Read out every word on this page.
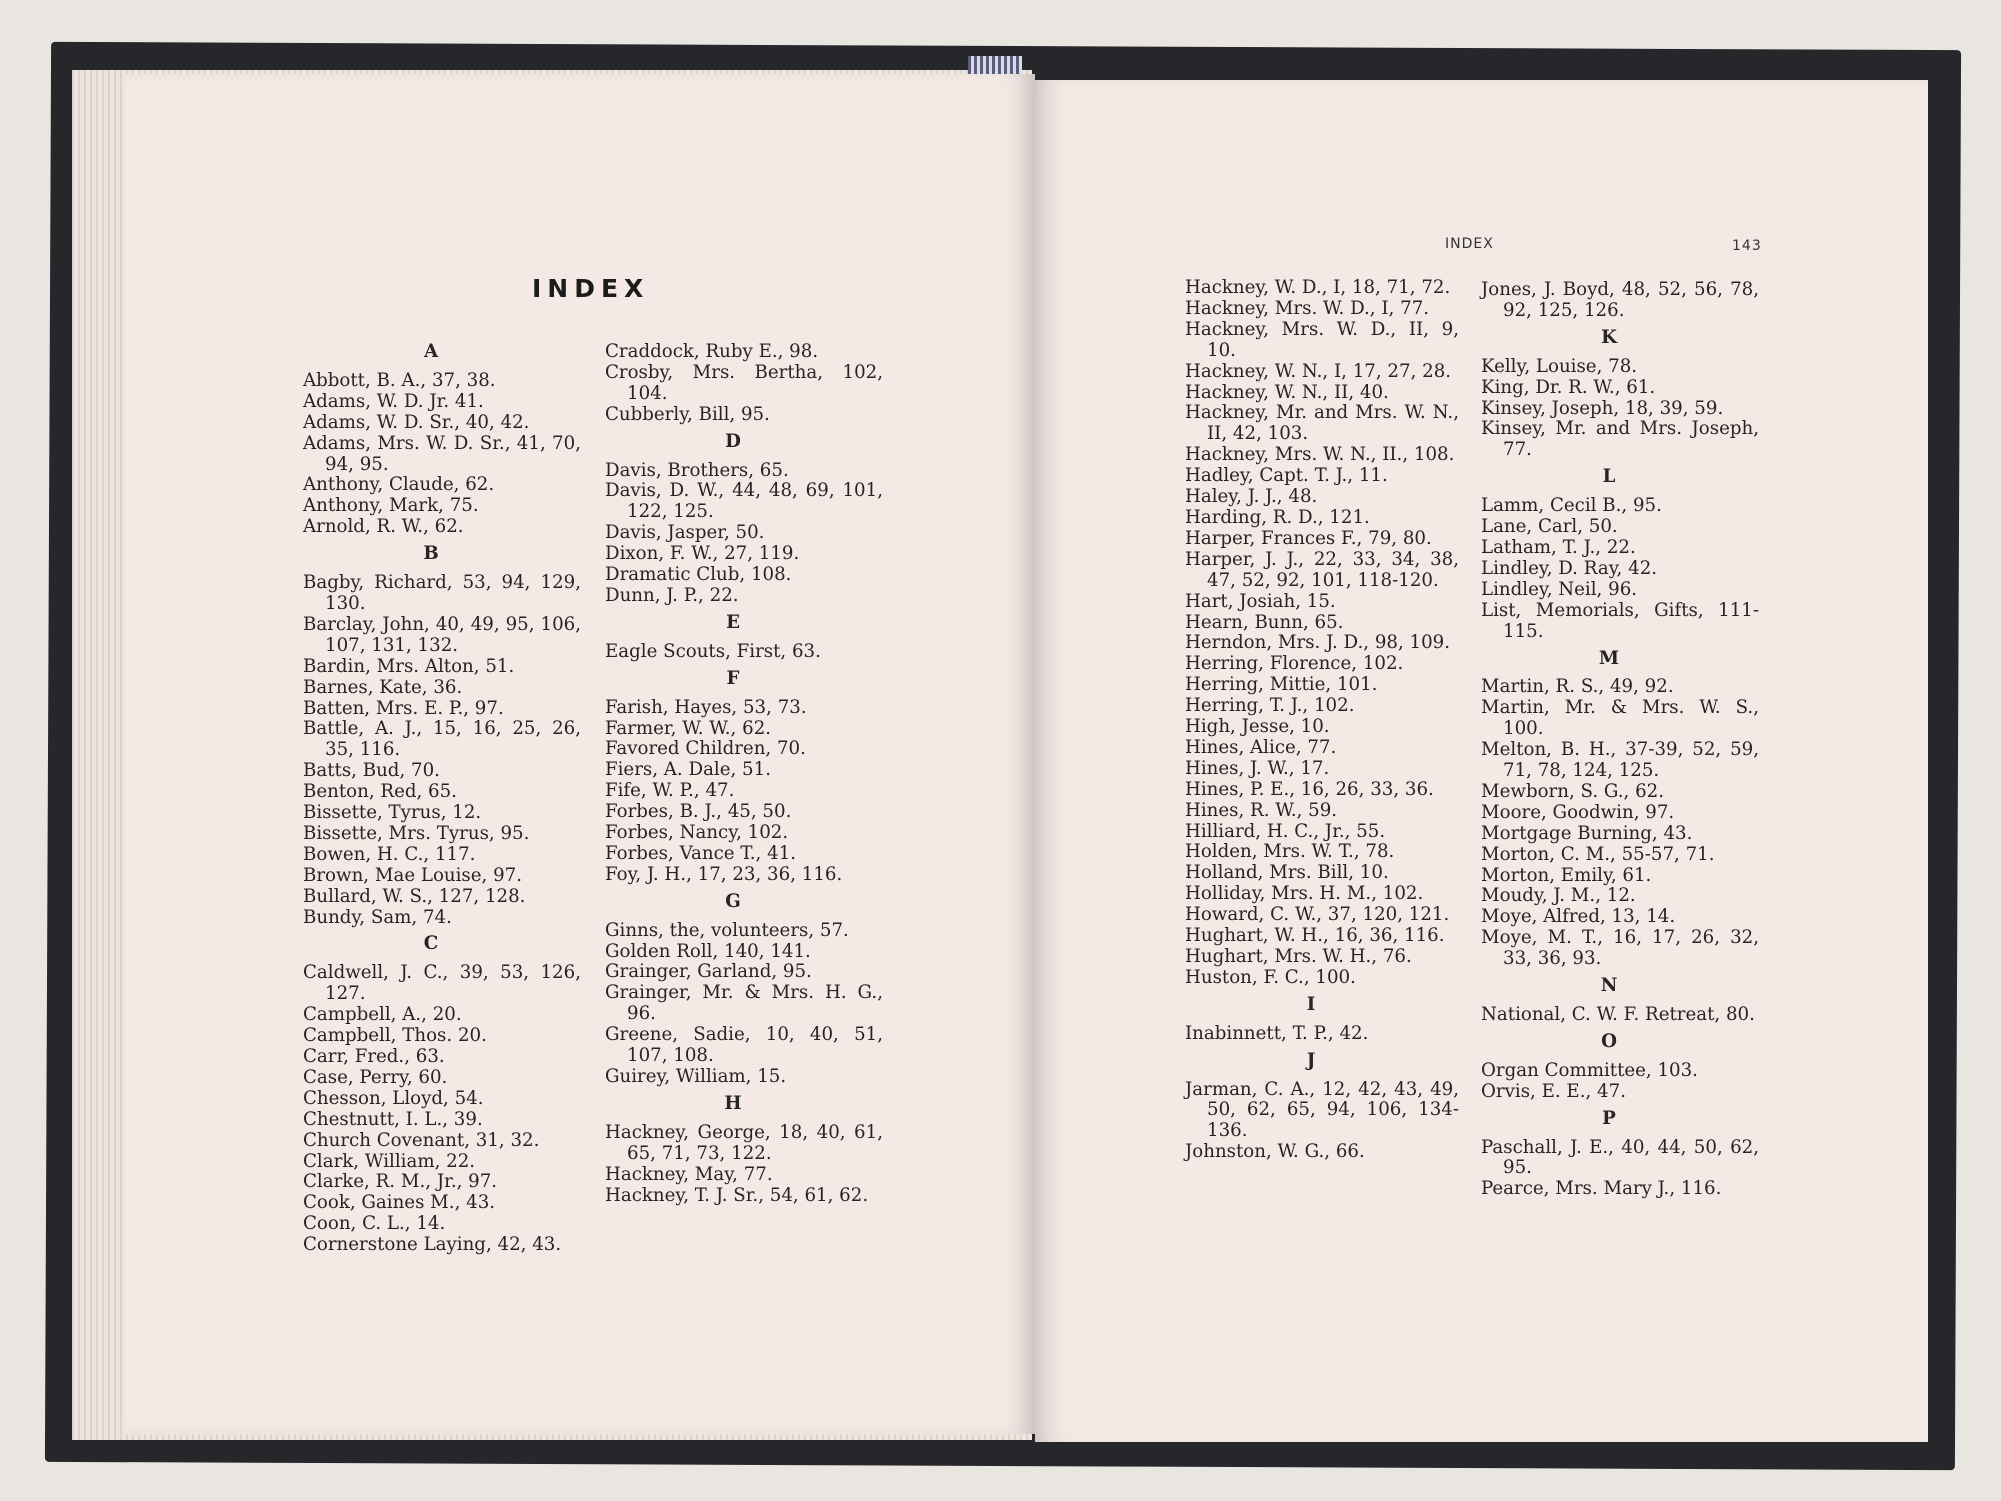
INDEX
INDEX	143
A
Abbott, B. A., 37, 38.
Adams, W. D. Jr. 41.
Adams, W. D. Sr., 40, 42.
Adams, Mrs. W. D. Sr., 41, 70, 94, 95.
Anthony, Claude, 62.
Anthony, Mark, 75.
Arnold, R. W., 62.
B
Bagby, Richard, 53, 94, 129, 130.
Barclay, John, 40, 49, 95, 106, 107, 131, 132.
Bardin, Mrs. Alton, 51.
Barnes, Kate, 36.
Batten, Mrs. E. P., 97.
Battle, A. J., 15, 16, 25, 26, 35, 116.
Batts, Bud, 70.
Benton, Red, 65.
Bissette, Tyrus, 12.
Bissette, Mrs. Tyrus, 95.
Bowen, H. C., 117.
Brown, Mae Louise, 97.
Bullard, W. S., 127, 128.
Bundy, Sam, 74.
C
Caldwell, J. C., 39, 53, 126, 127.
Campbell, A., 20.
Campbell, Thos. 20.
Carr, Fred., 63.
Case, Perry, 60.
Chesson, Lloyd, 54.
Chestnutt, I. L., 39.
Church Covenant, 31, 32.
Clark, William, 22.
Clarke, R. M., Jr., 97.
Cook, Gaines M., 43.
Coon, C. L., 14.
Cornerstone Laying, 42, 43.
Craddock, Ruby E., 98.
Crosby, Mrs. Bertha, 102, 104.
Cubberly, Bill, 95.
D
Davis, Brothers, 65.
Davis, D. W., 44, 48, 69, 101, 122, 125.
Davis, Jasper, 50.
Dixon, F. W., 27, 119.
Dramatic Club, 108.
Dunn, J. P., 22.
E
Eagle Scouts, First, 63.
F
Farish, Hayes, 53, 73.
Farmer, W. W., 62.
Favored Children, 70.
Fiers, A. Dale, 51.
Fife, W. P., 47.
Forbes, B. J., 45, 50.
Forbes, Nancy, 102.
Forbes, Vance T., 41.
Foy, J. H., 17, 23, 36, 116.
G
Ginns, the, volunteers, 57.
Golden Roll, 140, 141.
Grainger, Garland, 95.
Grainger, Mr. & Mrs. H. G., 96.
Greene, Sadie, 10, 40, 51, 107, 108.
Guirey, William, 15.
H
Hackney, George, 18, 40, 61, 65, 71, 73, 122.
Hackney, May, 77.
Hackney, T. J. Sr., 54, 61, 62.
Hackney, W. D., I, 18, 71, 72.
Hackney, Mrs. W. D., I, 77.
Hackney, Mrs. W. D., II, 9, 10.
Hackney, W. N., I, 17, 27, 28.
Hackney, W. N., II, 40.
Hackney, Mr. and Mrs. W. N., II, 42, 103.
Hackney, Mrs. W. N., II., 108.
Hadley, Capt. T. J., 11.
Haley, J. J., 48.
Harding, R. D., 121.
Harper, Frances F., 79, 80.
Harper, J. J., 22, 33, 34, 38, 47, 52, 92, 101, 118-120.
Hart, Josiah, 15.
Hearn, Bunn, 65.
Herndon, Mrs. J. D., 98, 109.
Herring, Florence, 102.
Herring, Mittie, 101.
Herring, T. J., 102.
High, Jesse, 10.
Hines, Alice, 77.
Hines, J. W., 17.
Hines, P. E., 16, 26, 33, 36.
Hines, R. W., 59.
Hilliard, H. C., Jr., 55.
Holden, Mrs. W. T., 78.
Holland, Mrs. Bill, 10.
Holliday, Mrs. H. M., 102.
Howard, C. W., 37, 120, 121.
Hughart, W. H., 16, 36, 116.
Hughart, Mrs. W. H., 76.
Huston, F. C., 100.
I
Inabinnett, T. P., 42.
J
Jarman, C. A., 12, 42, 43, 49, 50, 62, 65, 94, 106, 134-136.
Johnston, W. G., 66.
Jones, J. Boyd, 48, 52, 56, 78, 92, 125, 126.
K
Kelly, Louise, 78.
King, Dr. R. W., 61.
Kinsey, Joseph, 18, 39, 59.
Kinsey, Mr. and Mrs. Joseph, 77.
L
Lamm, Cecil B., 95.
Lane, Carl, 50.
Latham, T. J., 22.
Lindley, D. Ray, 42.
Lindley, Neil, 96.
List, Memorials, Gifts, 111-115.
M
Martin, R. S., 49, 92.
Martin, Mr. & Mrs. W. S., 100.
Melton, B. H., 37-39, 52, 59, 71, 78, 124, 125.
Mewborn, S. G., 62.
Moore, Goodwin, 97.
Mortgage Burning, 43.
Morton, C. M., 55-57, 71.
Morton, Emily, 61.
Moudy, J. M., 12.
Moye, Alfred, 13, 14.
Moye, M. T., 16, 17, 26, 32, 33, 36, 93.
N
National, C. W. F. Retreat, 80.
O
Organ Committee, 103.
Orvis, E. E., 47.
P
Paschall, J. E., 40, 44, 50, 62, 95.
Pearce, Mrs. Mary J., 116.
